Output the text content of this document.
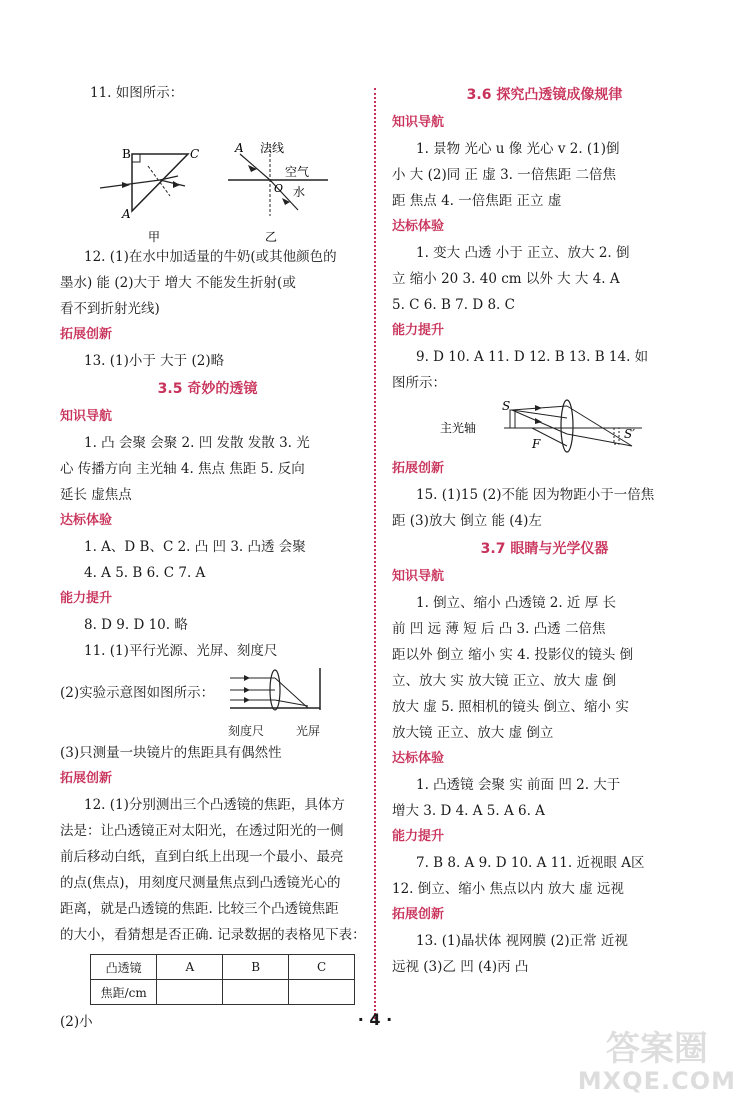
11. 如图所示：
B	C
A
甲
A 法线
O
空气
水
乙
12. (1)在水中加适量的牛奶(或其他颜色的
墨水) 能 (2)大于 增大 不能发生折射(或
看不到折射光线)
拓展创新
13. (1)小于 大于 (2)略
3.5 奇妙的透镜
知识导航
1. 凸 会聚 会聚 2. 凹 发散 发散 3. 光
心 传播方向 主光轴 4. 焦点 焦距 5. 反向
延长 虚焦点
达标体验
1. A、D B、C 2. 凸 凹 3. 凸透 会聚
4. A 5. B 6. C 7. A
能力提升
8. D 9. D 10. 略
11. (1)平行光源、光屏、刻度尺
(2)实验示意图如图所示：
刻度尺	光屏
(3)只测量一块镜片的焦距具有偶然性
拓展创新
12. (1)分别测出三个凸透镜的焦距，具体方
法是：让凸透镜正对太阳光，在透过阳光的一侧
前后移动白纸，直到白纸上出现一个最小、最亮
的点(焦点)，用刻度尺测量焦点到凸透镜光心的
距离，就是凸透镜的焦距. 比较三个凸透镜焦距
的大小，看猜想是否正确. 记录数据的表格见下表：
凸透镜	A	B	C
焦距/cm			
(2)小
3.6 探究凸透镜成像规律
知识导航
1. 景物 光心 u 像 光心 v 2. (1)倒
小 大 (2)同 正 虚 3. 一倍焦距 二倍焦
距 焦点 4. 一倍焦距 正立 虚
达标体验
1. 变大 凸透 小于 正立、放大 2. 倒
立 缩小 20 3. 40 cm 以外 大 大 4. A
5. C 6. B 7. D 8. C
能力提升
9. D 10. A 11. D 12. B 13. B 14. 如
图所示：
主光轴
S
F
S′
拓展创新
15. (1)15 (2)不能 因为物距小于一倍焦
距 (3)放大 倒立 能 (4)左
3.7 眼睛与光学仪器
知识导航
1. 倒立、缩小 凸透镜 2. 近 厚 长
前 凹 远 薄 短 后 凸 3. 凸透 二倍焦
距以外 倒立 缩小 实 4. 投影仪的镜头 倒
立、放大 实 放大镜 正立、放大 虚 倒
放大 虚 5. 照相机的镜头 倒立、缩小 实
放大镜 正立、放大 虚 倒立
达标体验
1. 凸透镜 会聚 实 前面 凹 2. 大于
增大 3. D 4. A 5. A 6. A
能力提升
7. B 8. A 9. D 10. A 11. 近视眼 A区
12. 倒立、缩小 焦点以内 放大 虚 远视
拓展创新
13. (1)晶状体 视网膜 (2)正常 近视
远视 (3)乙 凹 (4)丙 凸
· 4 ·
答案圈
MXQE.COM
